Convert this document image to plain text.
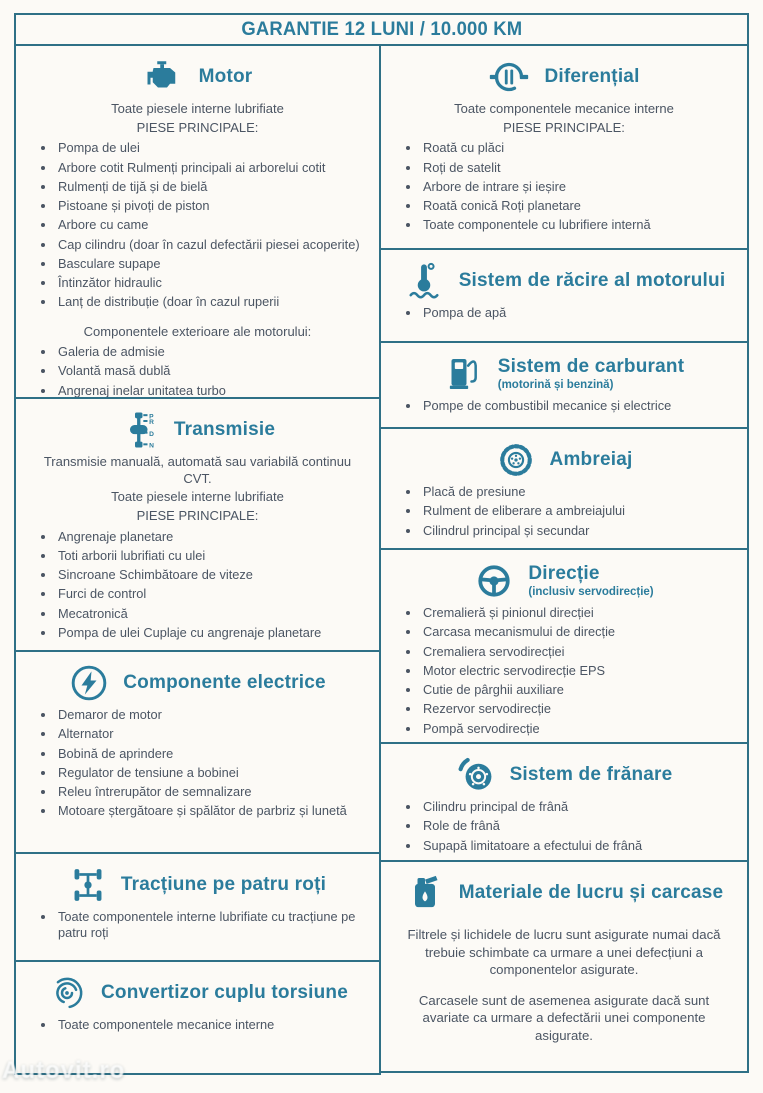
GARANTIE 12 LUNI / 10.000 KM
Motor
Toate piesele interne lubrifiate
PIESE PRINCIPALE:
• Pompa de ulei
• Arbore cotit Rulmenți principali ai arborelui cotit
• Rulmenți de tijă și de bielă
• Pistoane și pivoți de piston
• Arbore cu came
• Cap cilindru (doar în cazul defectării piesei acoperite)
• Basculare supape
• Întinzător hidraulic
• Lanț de distribuție (doar în cazul ruperii
Componentele exterioare ale motorului:
• Galeria de admisie
• Volantă masă dublă
• Angrenaj inelar unitatea turbo
P
R
D
N
Transmisie
Transmisie manuală, automată sau variabilă continuu CVT.
Toate piesele interne lubrifiate
PIESE PRINCIPALE:
• Angrenaje planetare
• Toti arborii lubrifiati cu ulei
• Sincroane Schimbătoare de viteze
• Furci de control
• Mecatronică
• Pompa de ulei Cuplaje cu angrenaje planetare
Componente electrice
• Demaror de motor
• Alternator
• Bobină de aprindere
• Regulator de tensiune a bobinei
• Releu întrerupător de semnalizare
• Motoare ștergătoare și spălător de parbriz și lunetă
Tracțiune pe patru roți
• Toate componentele interne lubrifiate cu tracțiune pe patru roți
Convertizor cuplu torsiune
• Toate componentele mecanice interne
Diferențial
Toate componentele mecanice interne
PIESE PRINCIPALE:
• Roată cu plăci
• Roți de satelit
• Arbore de intrare și ieșire
• Roată conică Roți planetare
• Toate componentele cu lubrifiere internă
Sistem de răcire al motorului
• Pompa de apă
Sistem de carburant
(motorină și benzină)
• Pompe de combustibil mecanice și electrice
Ambreiaj
• Placă de presiune
• Rulment de eliberare a ambreiajului
• Cilindrul principal și secundar
Direcție
(inclusiv servodirecție)
• Cremalieră și pinionul direcției
• Carcasa mecanismului de direcție
• Cremaliera servodirecției
• Motor electric servodirecție EPS
• Cutie de pârghii auxiliare
• Rezervor servodirecție
• Pompă servodirecție
Sistem de frănare
• Cilindru principal de frână
• Role de frână
• Supapă limitatoare a efectului de frână
Materiale de lucru și carcase
Filtrele și lichidele de lucru sunt asigurate numai dacă trebuie schimbate ca urmare a unei defecțiuni a componentelor asigurate.
Carcasele sunt de asemenea asigurate dacă sunt avariate ca urmare a defectării unei componente asigurate.
Autovit.ro
